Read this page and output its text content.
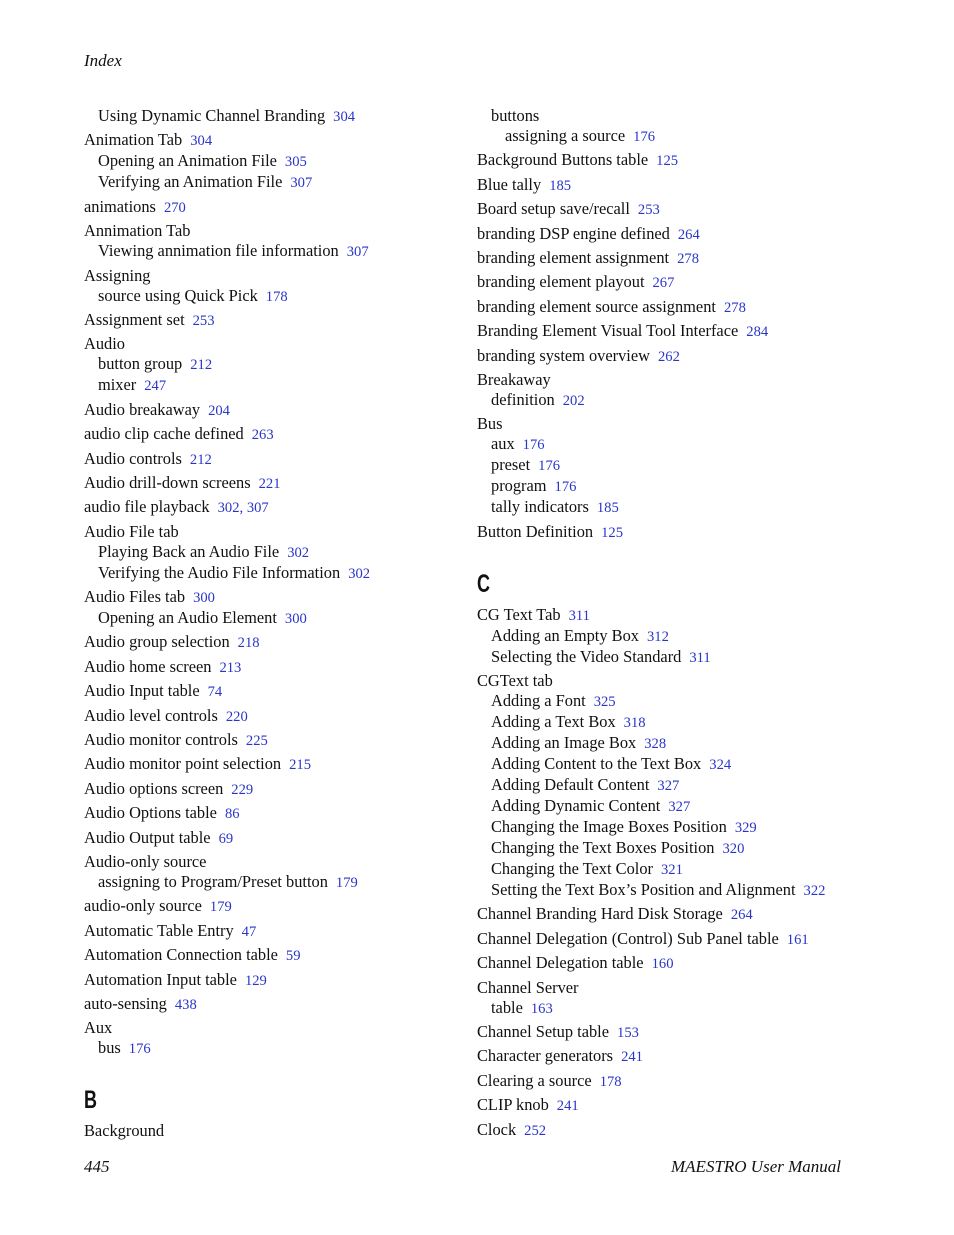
Index
Using Dynamic Channel Branding 304
Animation Tab 304
Opening an Animation File 305
Verifying an Animation File 307
animations 270
Annimation Tab
Viewing annimation file information 307
Assigning
source using Quick Pick 178
Assignment set 253
Audio
button group 212
mixer 247
Audio breakaway 204
audio clip cache defined 263
Audio controls 212
Audio drill-down screens 221
audio file playback 302, 307
Audio File tab
Playing Back an Audio File 302
Verifying the Audio File Information 302
Audio Files tab 300
Opening an Audio Element 300
Audio group selection 218
Audio home screen 213
Audio Input table 74
Audio level controls 220
Audio monitor controls 225
Audio monitor point selection 215
Audio options screen 229
Audio Options table 86
Audio Output table 69
Audio-only source
assigning to Program/Preset button 179
audio-only source 179
Automatic Table Entry 47
Automation Connection table 59
Automation Input table 129
auto-sensing 438
Aux
bus 176
B
Background
buttons
assigning a source 176
Background Buttons table 125
Blue tally 185
Board setup save/recall 253
branding DSP engine defined 264
branding element assignment 278
branding element playout 267
branding element source assignment 278
Branding Element Visual Tool Interface 284
branding system overview 262
Breakaway
definition 202
Bus
aux 176
preset 176
program 176
tally indicators 185
Button Definition 125
C
CG Text Tab 311
Adding an Empty Box 312
Selecting the Video Standard 311
CGText tab
Adding a Font 325
Adding a Text Box 318
Adding an Image Box 328
Adding Content to the Text Box 324
Adding Default Content 327
Adding Dynamic Content 327
Changing the Image Boxes Position 329
Changing the Text Boxes Position 320
Changing the Text Color 321
Setting the Text Box’s Position and Alignment 322
Channel Branding Hard Disk Storage 264
Channel Delegation (Control) Sub Panel table 161
Channel Delegation table 160
Channel Server
table 163
Channel Setup table 153
Character generators 241
Clearing a source 178
CLIP knob 241
Clock 252
445	MAESTRO User Manual
